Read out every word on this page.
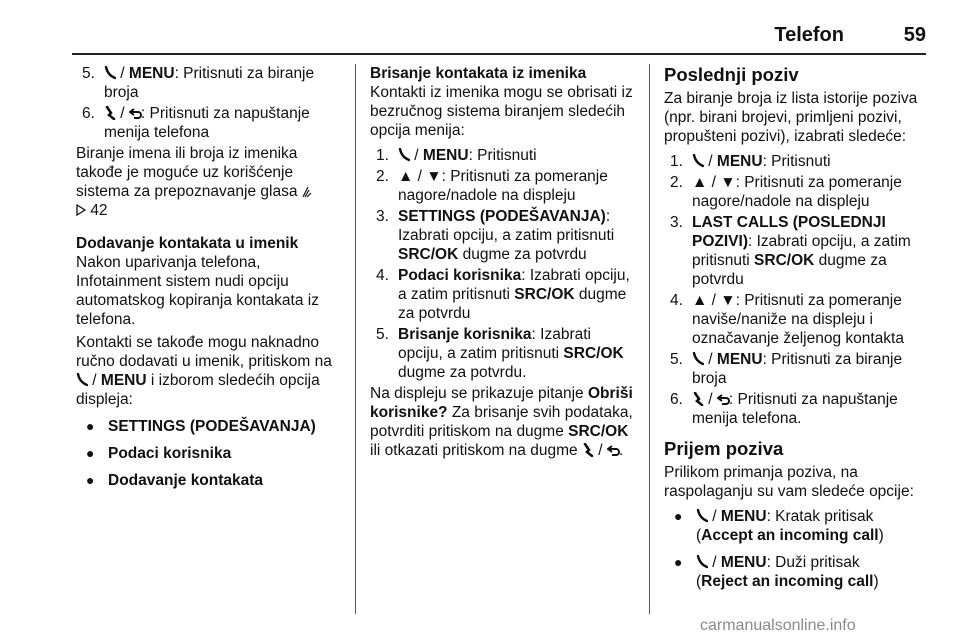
Telefon	59
5. / MENU: Pritisnuti za biranje broja
6. /
: Pritisnuti za napuštanje menija telefona

Biranje imena ili broja iz imenika takođe je moguće uz korišćenje sistema za prepoznavanje glasa
42

Dodavanje kontakata u imenik

Nakon uparivanja telefona, Infotainment sistem nudi opciju automatskog kopiranja kontakata iz telefona.

Kontakti se takođe mogu naknadno ručno dodavati u imenik, pritiskom na

/ MENU i izborom sledećih opcija displeja:

● SETTINGS (PODEŠAVANJA)
● Podaci korisnika
● Dodavanje kontakata

Brisanje kontakata iz imenika

Kontakti iz imenika mogu se obrisati iz bezručnog sistema biranjem sledećih opcija menija:

1. / MENU: Pritisnuti
2. ▲ / ▼: Pritisnuti za pomeranje nagore/nadole na displeju
3. SETTINGS (PODEŠAVANJA): Izabrati opciju, a zatim pritisnuti SRC/OK dugme za potvrdu
4. Podaci korisnika: Izabrati opciju, a zatim pritisnuti SRC/OK dugme za potvrdu
5. Brisanje korisnika: Izabrati opciju, a zatim pritisnuti SRC/OK dugme za potvrdu.

Na displeju se prikazuje pitanje Obriši korisnike? Za brisanje svih podataka, potvrditi pritiskom na dugme SRC/OK ili otkazati pritiskom na dugme
/
.

Poslednji poziv

Za biranje broja iz lista istorije poziva (npr. birani brojevi, primljeni pozivi, propušteni pozivi), izabrati sledeće:

1. / MENU: Pritisnuti
2. ▲ / ▼: Pritisnuti za pomeranje nagore/nadole na displeju
3. LAST CALLS (POSLEDNJI POZIVI): Izabrati opciju, a zatim pritisnuti SRC/OK dugme za potvrdu
4. ▲ / ▼: Pritisnuti za pomeranje naviše/naniže na displeju i označavanje željenog kontakta
5. / MENU: Pritisnuti za biranje broja
6. /
: Pritisnuti za napuštanje menija telefona.

Prijem poziva

Prilikom primanja poziva, na raspolaganju su vam sledeće opcije:

● / MENU: Kratak pritisak
(Accept an incoming call)
● / MENU: Duži pritisak
(Reject an incoming call)
carmanualsonline.info
